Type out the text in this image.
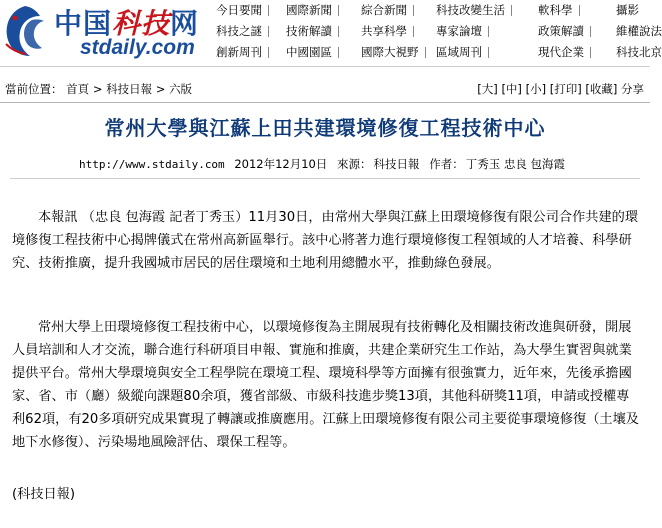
中国科技网
stdaily.com
今日要聞	國際新聞	綜合新聞	科技改變生活	軟科學	攝影
科技之謎	技術解讀	共享科學	專家論壇	政策解讀	維權說法
創新周刊	中國園區	國際大視野	區域周刊	現代企業	科技北京
當前位置： 首頁 > 科技日報 > 六版	[大] [中] [小] [打印] [收藏] 分享
常州大學與江蘇上田共建環境修復工程技術中心
http://www.stdaily.com 2012年12月10日 來源： 科技日報 作者： 丁秀玉 忠良 包海霞
本報訊 （忠良 包海霞 記者丁秀玉）11月30日，由常州大學與江蘇上田環境修復有限公司合作共建的環境修復工程技術中心揭牌儀式在常州高新區舉行。該中心將著力進行環境修復工程領域的人才培養、科學研究、技術推廣，提升我國城市居民的居住環境和土地利用總體水平，推動綠色發展。
常州大學上田環境修復工程技術中心，以環境修復為主開展現有技術轉化及相關技術改進與研發，開展人員培訓和人才交流，聯合進行科研項目申報、實施和推廣，共建企業研究生工作站，為大學生實習與就業提供平台。常州大學環境與安全工程學院在環境工程、環境科學等方面擁有很強實力，近年來，先後承擔國家、省、市（廳）級縱向課題80余項，獲省部級、市級科技進步獎13項，其他科研獎11項，申請或授權專利62項，有20多項研究成果實現了轉讓或推廣應用。江蘇上田環境修復有限公司主要從事環境修復（土壤及地下水修復）、污染場地風險評估、環保工程等。
(科技日報)
